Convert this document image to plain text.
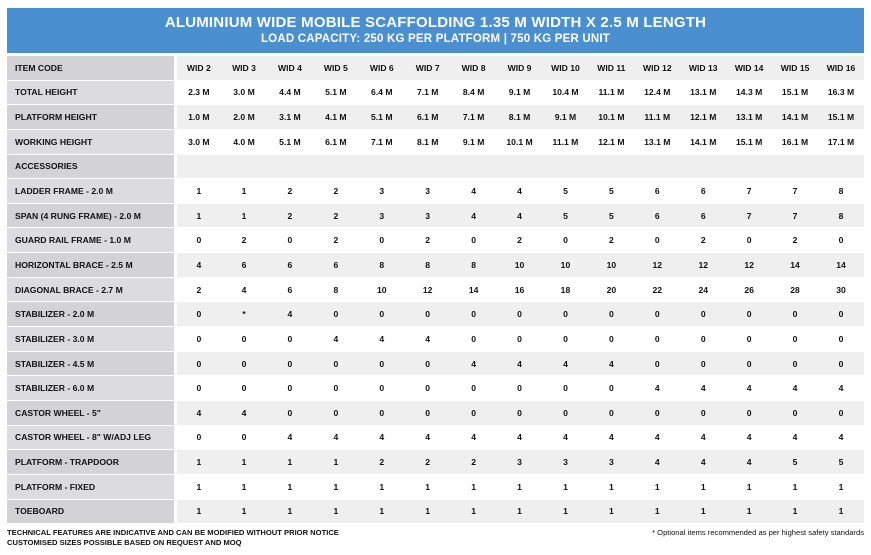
ALUMINIUM WIDE MOBILE SCAFFOLDING 1.35 M WIDTH X 2.5 M LENGTH
LOAD CAPACITY: 250 KG PER PLATFORM | 750 KG PER UNIT
ITEM CODE	WID 2	WID 3	WID 4	WID 5	WID 6	WID 7	WID 8	WID 9	WID 10	WID 11	WID 12	WID 13	WID 14	WID 15	WID 16
TOTAL HEIGHT	2.3 M	3.0 M	4.4 M	5.1 M	6.4 M	7.1 M	8.4 M	9.1 M	10.4 M	11.1 M	12.4 M	13.1 M	14.3 M	15.1 M	16.3 M
PLATFORM HEIGHT	1.0 M	2.0 M	3.1 M	4.1 M	5.1 M	6.1 M	7.1 M	8.1 M	9.1 M	10.1 M	11.1 M	12.1 M	13.1 M	14.1 M	15.1 M
WORKING HEIGHT	3.0 M	4.0 M	5.1 M	6.1 M	7.1 M	8.1 M	9.1 M	10.1 M	11.1 M	12.1 M	13.1 M	14.1 M	15.1 M	16.1 M	17.1 M
ACCESSORIES															
LADDER FRAME - 2.0 M	1	1	2	2	3	3	4	4	5	5	6	6	7	7	8
SPAN (4 RUNG FRAME) - 2.0 M	1	1	2	2	3	3	4	4	5	5	6	6	7	7	8
GUARD RAIL FRAME - 1.0 M	0	2	0	2	0	2	0	2	0	2	0	2	0	2	0
HORIZONTAL BRACE - 2.5 M	4	6	6	6	8	8	8	10	10	10	12	12	12	14	14
DIAGONAL BRACE - 2.7 M	2	4	6	8	10	12	14	16	18	20	22	24	26	28	30
STABILIZER - 2.0 M	0	*	4	0	0	0	0	0	0	0	0	0	0	0	0
STABILIZER - 3.0 M	0	0	0	4	4	4	0	0	0	0	0	0	0	0	0
STABILIZER - 4.5 M	0	0	0	0	0	0	4	4	4	4	0	0	0	0	0
STABILIZER - 6.0 M	0	0	0	0	0	0	0	0	0	0	4	4	4	4	4
CASTOR WHEEL - 5"	4	4	0	0	0	0	0	0	0	0	0	0	0	0	0
CASTOR WHEEL - 8" W/ADJ LEG	0	0	4	4	4	4	4	4	4	4	4	4	4	4	4
PLATFORM - TRAPDOOR	1	1	1	1	2	2	2	3	3	3	4	4	4	5	5
PLATFORM - FIXED	1	1	1	1	1	1	1	1	1	1	1	1	1	1	1
TOEBOARD	1	1	1	1	1	1	1	1	1	1	1	1	1	1	1
TECHNICAL FEATURES ARE INDICATIVE AND CAN BE MODIFIED WITHOUT PRIOR NOTICE
CUSTOMISED SIZES POSSIBLE BASED ON REQUEST AND MOQ
* Optional items recommended as per highest safety standards
